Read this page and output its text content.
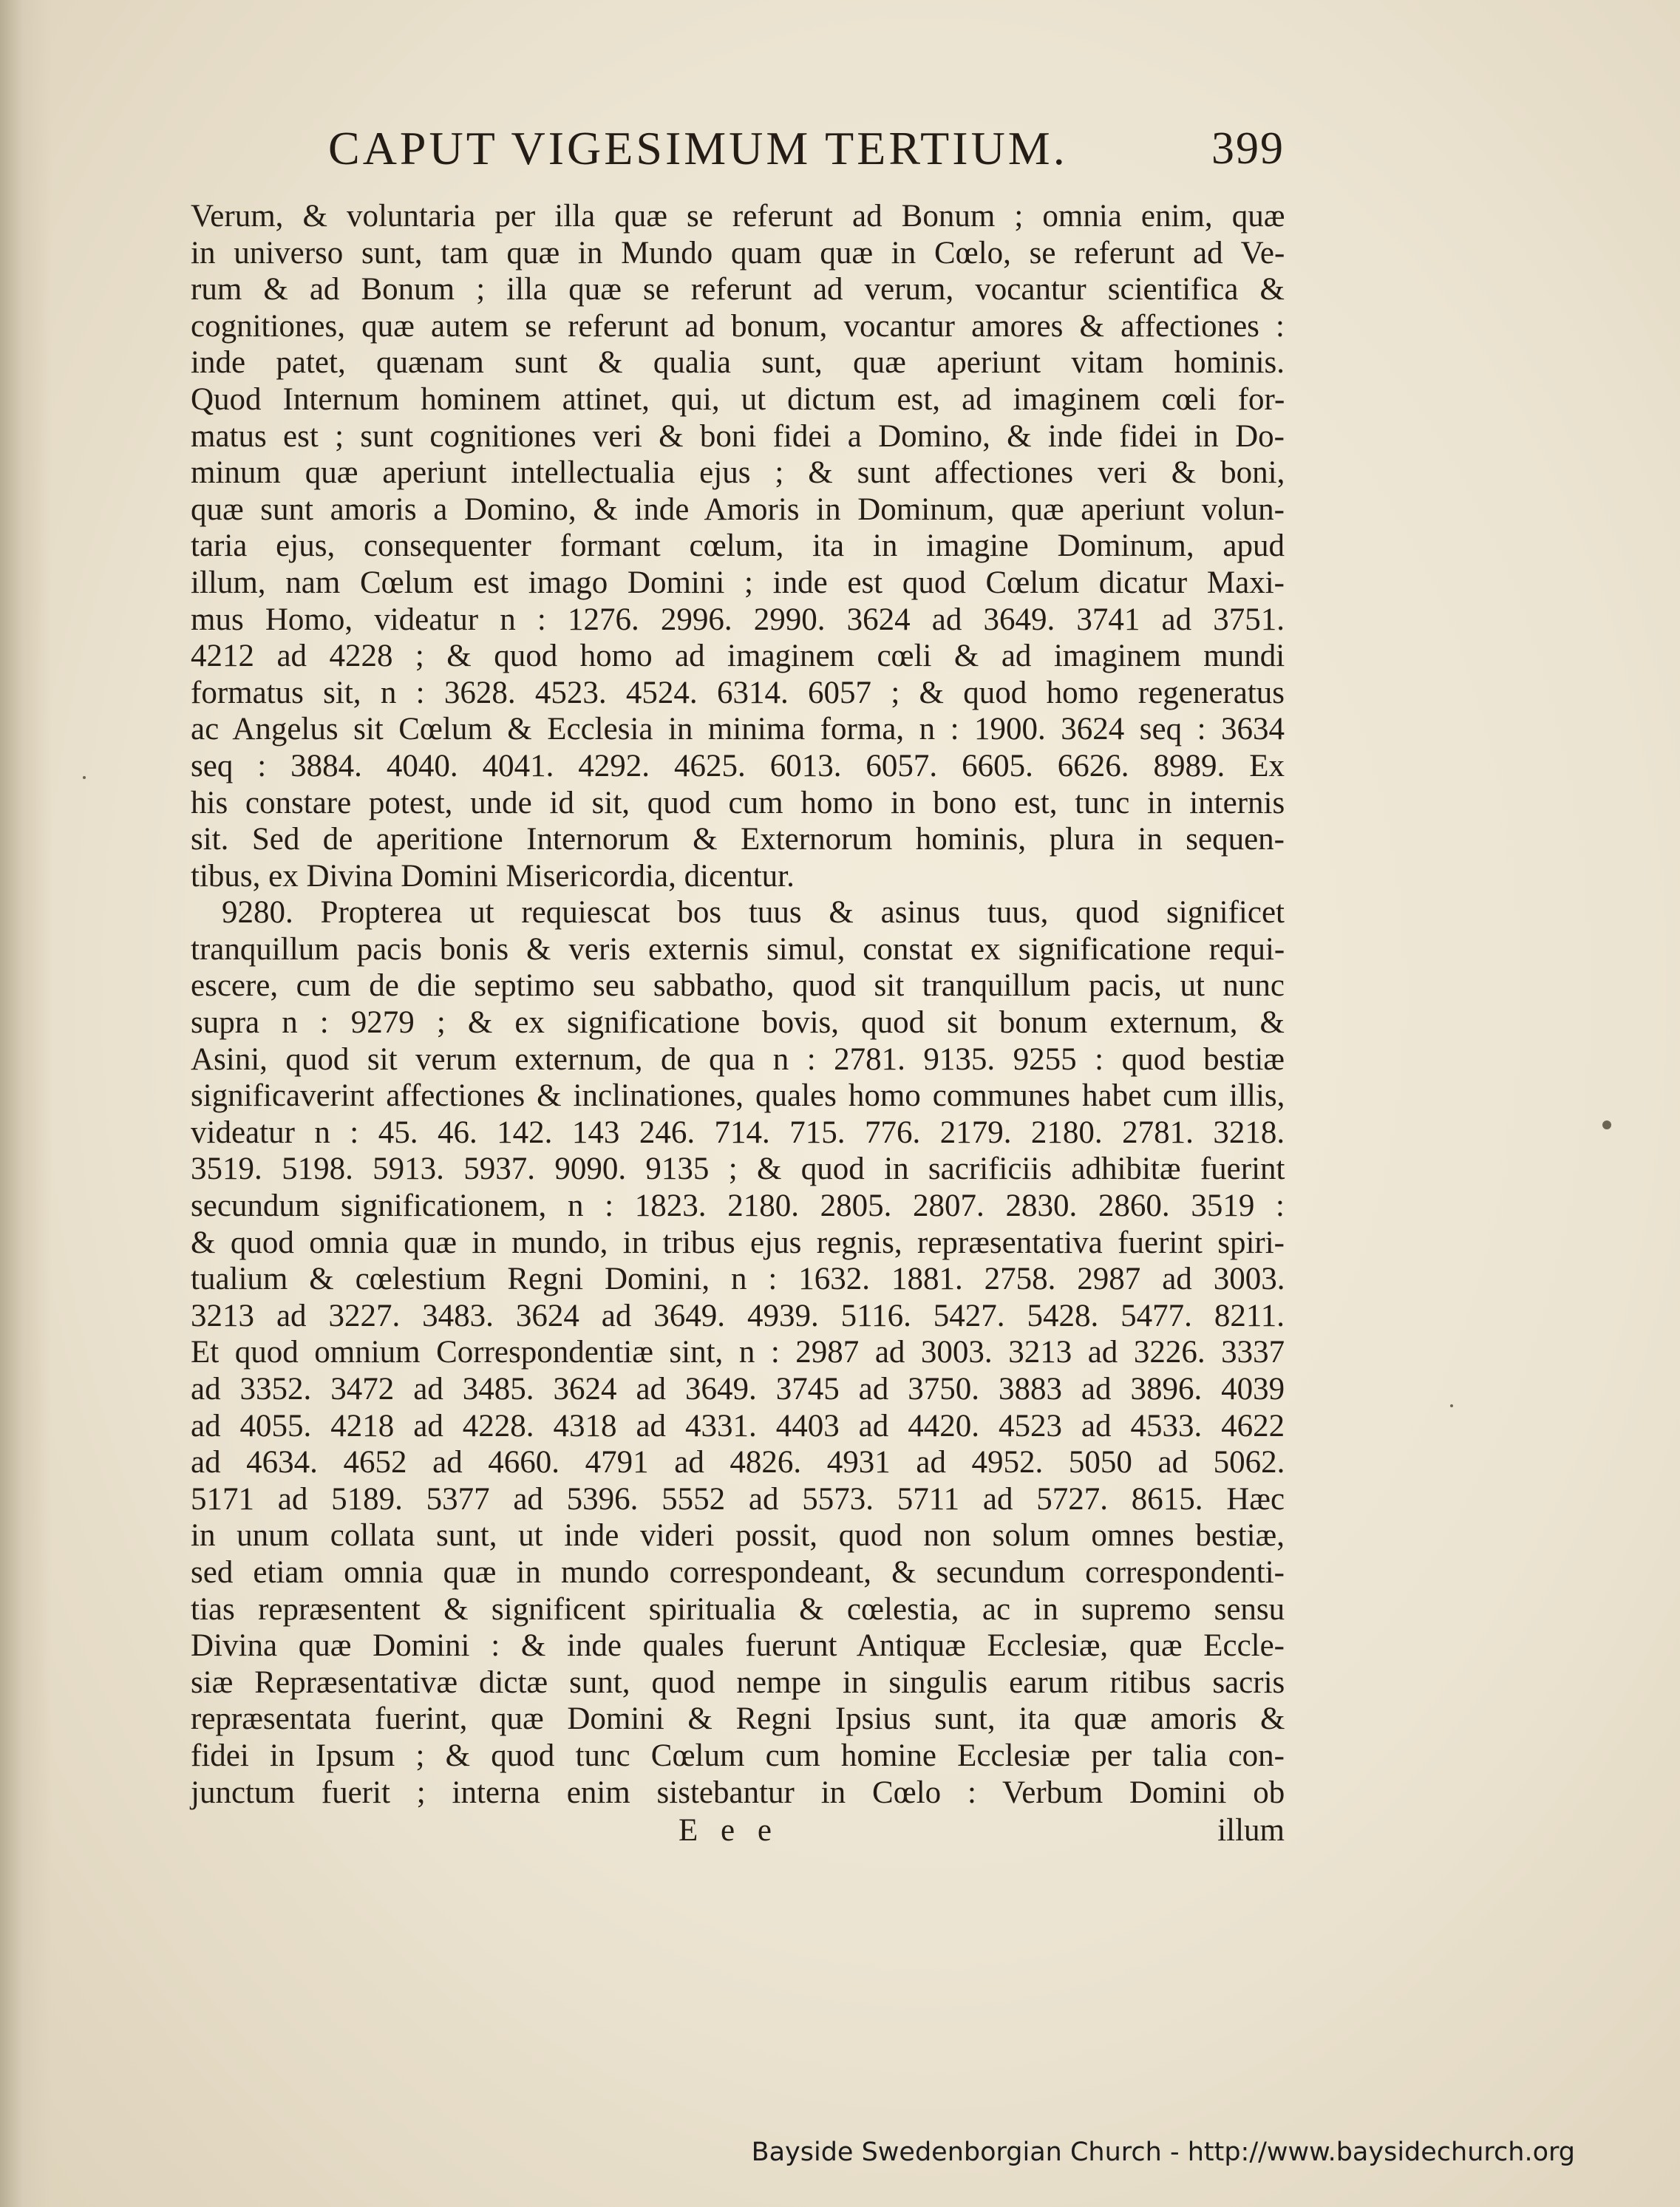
CAPUT VIGESIMUM TERTIUM.	399
Verum, & voluntaria per illa quæ se referunt ad Bonum ; omnia enim, quæ
in universo sunt, tam quæ in Mundo quam quæ in Cœlo, se referunt ad Ve-
rum & ad Bonum ; illa quæ se referunt ad verum, vocantur scientifica &
cognitiones, quæ autem se referunt ad bonum, vocantur amores & affectiones :
inde patet, quænam sunt & qualia sunt, quæ aperiunt vitam hominis.
Quod Internum hominem attinet, qui, ut dictum est, ad imaginem cœli for-
matus est ; sunt cognitiones veri & boni fidei a Domino, & inde fidei in Do-
minum quæ aperiunt intellectualia ejus ; & sunt affectiones veri & boni,
quæ sunt amoris a Domino, & inde Amoris in Dominum, quæ aperiunt volun-
taria ejus, consequenter formant cœlum, ita in imagine Dominum, apud
illum, nam Cœlum est imago Domini ; inde est quod Cœlum dicatur Maxi-
mus Homo, videatur n : 1276. 2996. 2990. 3624 ad 3649. 3741 ad 3751.
4212 ad 4228 ; & quod homo ad imaginem cœli & ad imaginem mundi
formatus sit, n : 3628. 4523. 4524. 6314. 6057 ; & quod homo regeneratus
ac Angelus sit Cœlum & Ecclesia in minima forma, n : 1900. 3624 seq : 3634
seq : 3884. 4040. 4041. 4292. 4625. 6013. 6057. 6605. 6626. 8989. Ex
his constare potest, unde id sit, quod cum homo in bono est, tunc in internis
sit. Sed de aperitione Internorum & Externorum hominis, plura in sequen-
tibus, ex Divina Domini Misericordia, dicentur.
9280. Propterea ut requiescat bos tuus & asinus tuus, quod significet
tranquillum pacis bonis & veris externis simul, constat ex significatione requi-
escere, cum de die septimo seu sabbatho, quod sit tranquillum pacis, ut nunc
supra n : 9279 ; & ex significatione bovis, quod sit bonum externum, &
Asini, quod sit verum externum, de qua n : 2781. 9135. 9255 : quod bestiæ
significaverint affectiones & inclinationes, quales homo communes habet cum illis,
videatur n : 45. 46. 142. 143 246. 714. 715. 776. 2179. 2180. 2781. 3218.
3519. 5198. 5913. 5937. 9090. 9135 ; & quod in sacrificiis adhibitæ fuerint
secundum significationem, n : 1823. 2180. 2805. 2807. 2830. 2860. 3519 :
& quod omnia quæ in mundo, in tribus ejus regnis, repræsentativa fuerint spiri-
tualium & cœlestium Regni Domini, n : 1632. 1881. 2758. 2987 ad 3003.
3213 ad 3227. 3483. 3624 ad 3649. 4939. 5116. 5427. 5428. 5477. 8211.
Et quod omnium Correspondentiæ sint, n : 2987 ad 3003. 3213 ad 3226. 3337
ad 3352. 3472 ad 3485. 3624 ad 3649. 3745 ad 3750. 3883 ad 3896. 4039
ad 4055. 4218 ad 4228. 4318 ad 4331. 4403 ad 4420. 4523 ad 4533. 4622
ad 4634. 4652 ad 4660. 4791 ad 4826. 4931 ad 4952. 5050 ad 5062.
5171 ad 5189. 5377 ad 5396. 5552 ad 5573. 5711 ad 5727. 8615. Hæc
in unum collata sunt, ut inde videri possit, quod non solum omnes bestiæ,
sed etiam omnia quæ in mundo correspondeant, & secundum correspondenti-
tias repræsentent & significent spiritualia & cœlestia, ac in supremo sensu
Divina quæ Domini : & inde quales fuerunt Antiquæ Ecclesiæ, quæ Eccle-
siæ Repræsentativæ dictæ sunt, quod nempe in singulis earum ritibus sacris
repræsentata fuerint, quæ Domini & Regni Ipsius sunt, ita quæ amoris &
fidei in Ipsum ; & quod tunc Cœlum cum homine Ecclesiæ per talia con-
junctum fuerit ; interna enim sistebantur in Cœlo : Verbum Domini ob
E e e	illum
Bayside Swedenborgian Church - http://www.baysidechurch.org
